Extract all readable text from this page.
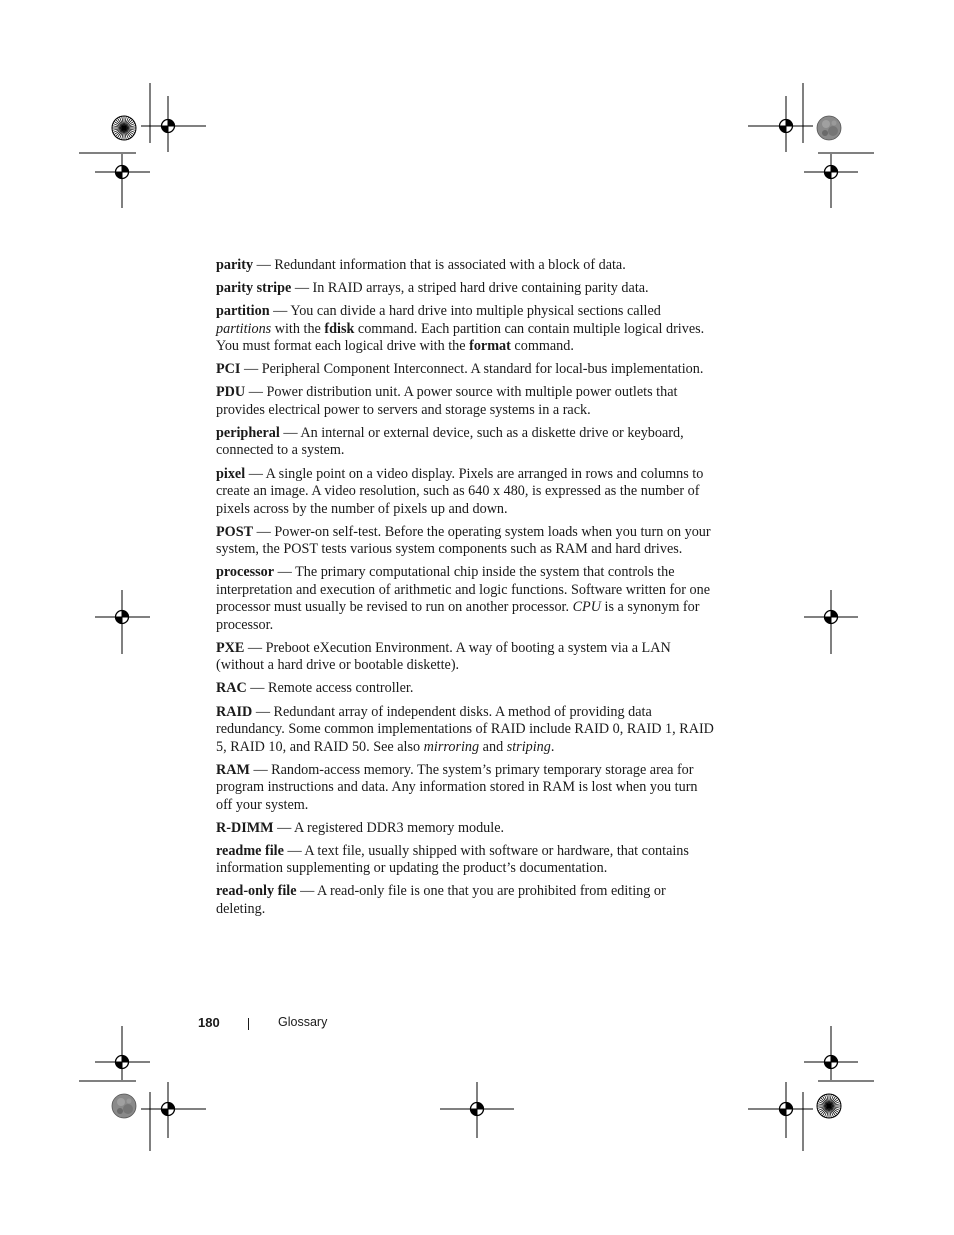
parity — Redundant information that is associated with a block of data.

parity stripe — In RAID arrays, a striped hard drive containing parity data.

partition — You can divide a hard drive into multiple physical sections called partitions with the fdisk command. Each partition can contain multiple logical drives. You must format each logical drive with the format command.

PCI — Peripheral Component Interconnect. A standard for local-bus implementation.

PDU — Power distribution unit. A power source with multiple power outlets that provides electrical power to servers and storage systems in a rack.

peripheral — An internal or external device, such as a diskette drive or keyboard, connected to a system.

pixel — A single point on a video display. Pixels are arranged in rows and columns to create an image. A video resolution, such as 640 x 480, is expressed as the number of pixels across by the number of pixels up and down.

POST — Power-on self-test. Before the operating system loads when you turn on your system, the POST tests various system components such as RAM and hard drives.

processor — The primary computational chip inside the system that controls the interpretation and execution of arithmetic and logic functions. Software written for one processor must usually be revised to run on another processor. CPU is a synonym for processor.

PXE — Preboot eXecution Environment. A way of booting a system via a LAN (without a hard drive or bootable diskette).

RAC — Remote access controller.

RAID — Redundant array of independent disks. A method of providing data redundancy. Some common implementations of RAID include RAID 0, RAID 1, RAID 5, RAID 10, and RAID 50. See also mirroring and striping.

RAM — Random-access memory. The system’s primary temporary storage area for program instructions and data. Any information stored in RAM is lost when you turn off your system.

R-DIMM — A registered DDR3 memory module.

readme file — A text file, usually shipped with software or hardware, that contains information supplementing or updating the product’s documentation.

read-only file — A read-only file is one that you are prohibited from editing or deleting.

180	Glossary
